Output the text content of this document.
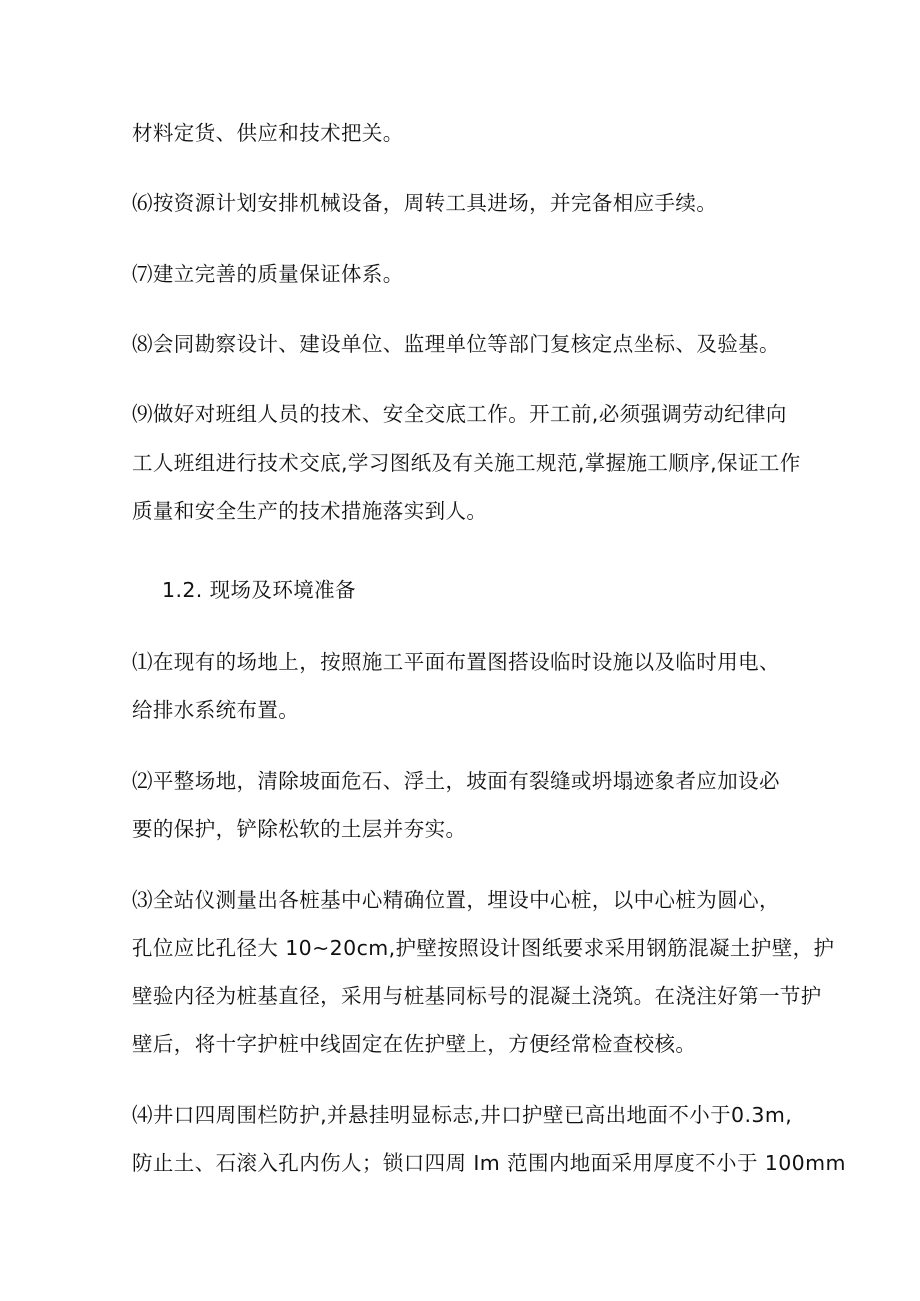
材料定货、供应和技术把关。
⑹按资源计划安排机械设备，周转工具进场，并完备相应手续。
⑺建立完善的质量保证体系。
⑻会同勘察设计、建设单位、监理单位等部门复核定点坐标、及验基。
⑼做好对班组人员的技术、安全交底工作。开工前,必须强调劳动纪律向
工人班组进行技术交底,学习图纸及有关施工规范,掌握施工顺序,保证工作
质量和安全生产的技术措施落实到人。
1.2. 现场及环境准备
⑴在现有的场地上，按照施工平面布置图搭设临时设施以及临时用电、
给排水系统布置。
⑵平整场地，清除坡面危石、浮土，坡面有裂缝或坍塌迹象者应加设必
要的保护，铲除松软的土层并夯实。
⑶全站仪测量出各桩基中心精确位置，埋设中心桩，以中心桩为圆心，
孔位应比孔径大 10~20cm,护壁按照设计图纸要求采用钢筋混凝土护壁，护
壁验内径为桩基直径，采用与桩基同标号的混凝土浇筑。在浇注好第一节护
壁后，将十字护桩中线固定在佐护壁上，方便经常检查校核。
⑷井口四周围栏防护,并悬挂明显标志,井口护壁已高出地面不小于0.3m,
防止土、石滚入孔内伤人；锁口四周 Im 范围内地面采用厚度不小于 100mm
